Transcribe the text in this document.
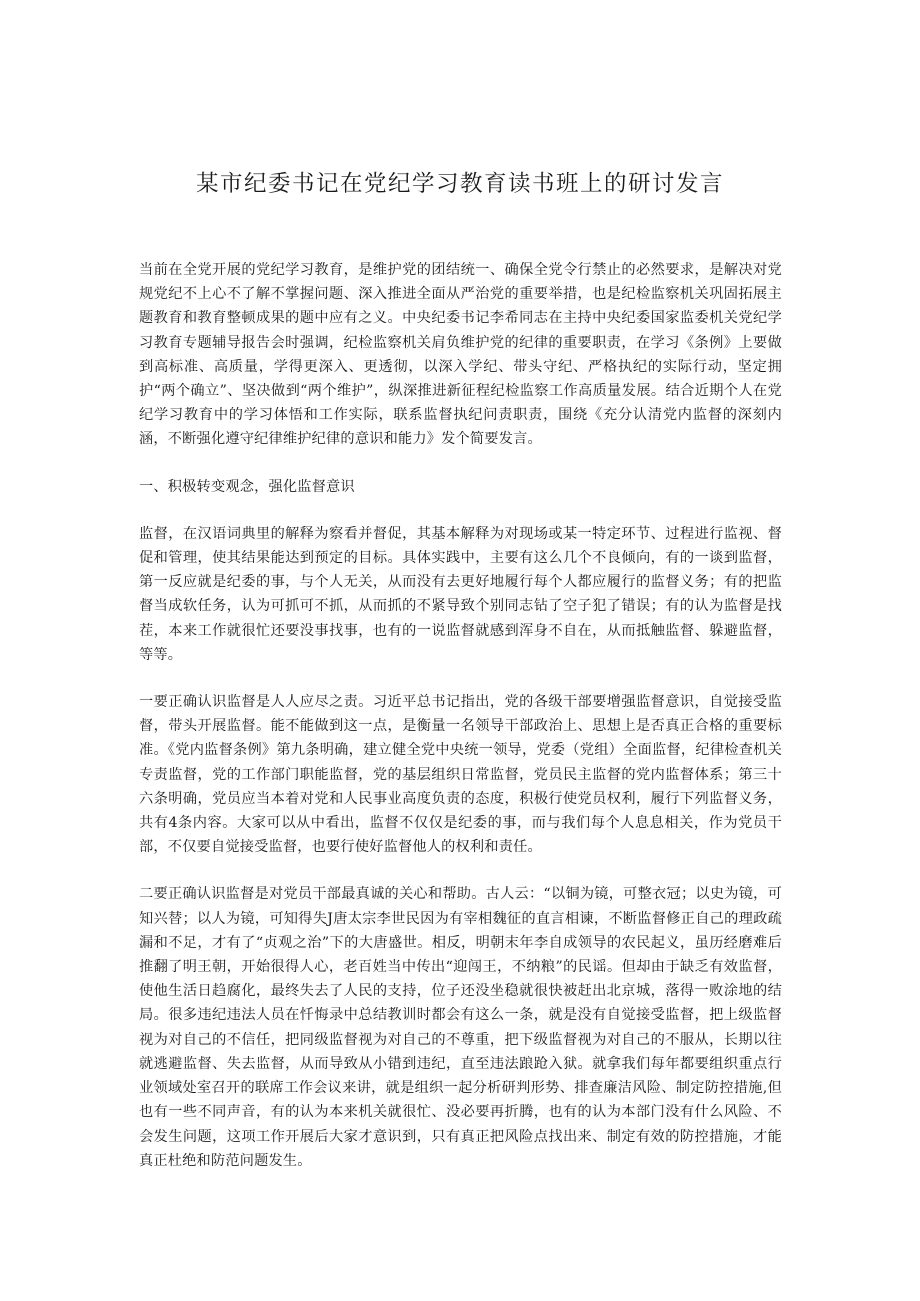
某市纪委书记在党纪学习教育读书班上的研讨发言

当前在全党开展的党纪学习教育，是维护党的团结统一、确保全党令行禁止的必然要求，是解决对党规党纪不上心不了解不掌握问题、深入推进全面从严治党的重要举措，也是纪检监察机关巩固拓展主题教育和教育整顿成果的题中应有之义。中央纪委书记李希同志在主持中央纪委国家监委机关党纪学习教育专题辅导报告会时强调，纪检监察机关肩负维护党的纪律的重要职责，在学习《条例》上要做到高标准、高质量，学得更深入、更透彻，以深入学纪、带头守纪、严格执纪的实际行动，坚定拥护“两个确立”、坚决做到“两个维护”，纵深推进新征程纪检监察工作高质量发展。结合近期个人在党纪学习教育中的学习体悟和工作实际，联系监督执纪问责职责，围绕《充分认清党内监督的深刻内涵，不断强化遵守纪律维护纪律的意识和能力》发个简要发言。

一、积极转变观念，强化监督意识

监督，在汉语词典里的解释为察看并督促，其基本解释为对现场或某一特定环节、过程进行监视、督促和管理，使其结果能达到预定的目标。具体实践中，主要有这么几个不良倾向，有的一谈到监督，第一反应就是纪委的事，与个人无关，从而没有去更好地履行每个人都应履行的监督义务；有的把监督当成软任务，认为可抓可不抓，从而抓的不紧导致个别同志钻了空子犯了错误；有的认为监督是找茬，本来工作就很忙还要没事找事，也有的一说监督就感到浑身不自在，从而抵触监督、躲避监督，等等。

一要正确认识监督是人人应尽之责。习近平总书记指出，党的各级干部要增强监督意识，自觉接受监督，带头开展监督。能不能做到这一点，是衡量一名领导干部政治上、思想上是否真正合格的重要标准。《党内监督条例》第九条明确，建立健全党中央统一领导，党委（党组）全面监督，纪律检查机关专责监督，党的工作部门职能监督，党的基层组织日常监督，党员民主监督的党内监督体系；第三十六条明确，党员应当本着对党和人民事业高度负责的态度，积极行使党员权利，履行下列监督义务，共有4条内容。大家可以从中看出，监督不仅仅是纪委的事，而与我们每个人息息相关，作为党员干部，不仅要自觉接受监督，也要行使好监督他人的权利和责任。

二要正确认识监督是对党员干部最真诚的关心和帮助。古人云：“以铜为镜，可整衣冠；以史为镜，可知兴替；以人为镜，可知得失J唐太宗李世民因为有宰相魏征的直言相谏，不断监督修正自己的理政疏漏和不足，才有了“贞观之治”下的大唐盛世。相反，明朝末年李自成领导的农民起义，虽历经磨难后推翻了明王朝，开始很得人心，老百姓当中传出“迎闯王，不纳粮”的民谣。但却由于缺乏有效监督，使他生活日趋腐化，最终失去了人民的支持，位子还没坐稳就很快被赶出北京城，落得一败涂地的结局。很多违纪违法人员在忏悔录中总结教训时都会有这么一条，就是没有自觉接受监督，把上级监督视为对自己的不信任，把同级监督视为对自己的不尊重，把下级监督视为对自己的不服从，长期以往就逃避监督、失去监督，从而导致从小错到违纪，直至违法踉跄入狱。就拿我们每年都要组织重点行业领域处室召开的联席工作会议来讲，就是组织一起分析研判形势、排查廉洁风险、制定防控措施,但也有一些不同声音，有的认为本来机关就很忙、没必要再折腾，也有的认为本部门没有什么风险、不会发生问题，这项工作开展后大家才意识到，只有真正把风险点找出来、制定有效的防控措施，才能真正杜绝和防范问题发生。
